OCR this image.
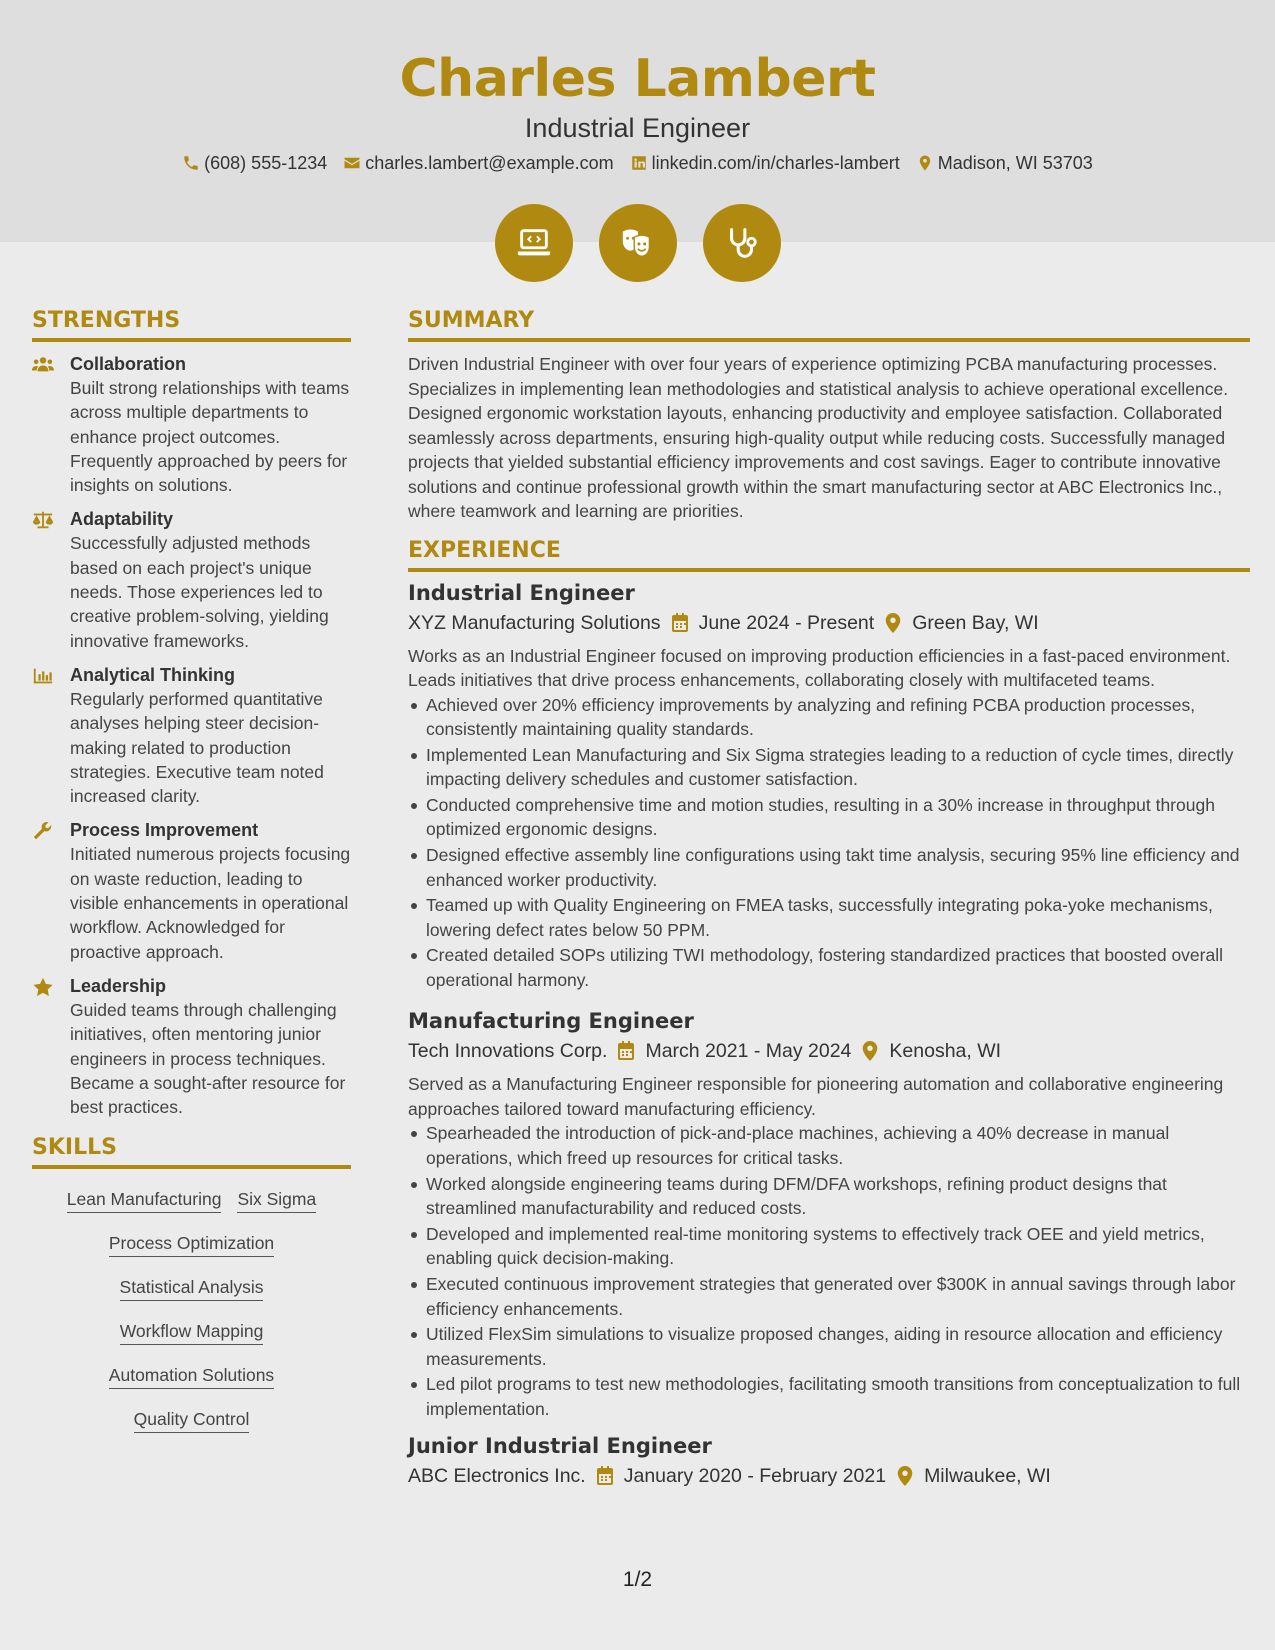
Charles Lambert
Industrial Engineer
(608) 555-1234 charles.lambert@example.com linkedin.com/in/charles-lambert Madison, WI 53703
STRENGTHS
Collaboration
Built strong relationships with teams across multiple departments to enhance project outcomes. Frequently approached by peers for insights on solutions.
Adaptability
Successfully adjusted methods based on each project's unique needs. Those experiences led to creative problem-solving, yielding innovative frameworks.
Analytical Thinking
Regularly performed quantitative analyses helping steer decision-making related to production strategies. Executive team noted increased clarity.
Process Improvement
Initiated numerous projects focusing on waste reduction, leading to visible enhancements in operational workflow. Acknowledged for proactive approach.
Leadership
Guided teams through challenging initiatives, often mentoring junior engineers in process techniques. Became a sought-after resource for best practices.
SKILLS
Lean Manufacturing Six Sigma
Process Optimization
Statistical Analysis
Workflow Mapping
Automation Solutions
Quality Control
SUMMARY
Driven Industrial Engineer with over four years of experience optimizing PCBA manufacturing processes. Specializes in implementing lean methodologies and statistical analysis to achieve operational excellence. Designed ergonomic workstation layouts, enhancing productivity and employee satisfaction. Collaborated seamlessly across departments, ensuring high-quality output while reducing costs. Successfully managed projects that yielded substantial efficiency improvements and cost savings. Eager to contribute innovative solutions and continue professional growth within the smart manufacturing sector at ABC Electronics Inc., where teamwork and learning are priorities.
EXPERIENCE
Industrial Engineer
XYZ Manufacturing Solutions June 2024 - Present Green Bay, WI
Works as an Industrial Engineer focused on improving production efficiencies in a fast-paced environment. Leads initiatives that drive process enhancements, collaborating closely with multifaceted teams.
Achieved over 20% efficiency improvements by analyzing and refining PCBA production processes, consistently maintaining quality standards.
Implemented Lean Manufacturing and Six Sigma strategies leading to a reduction of cycle times, directly impacting delivery schedules and customer satisfaction.
Conducted comprehensive time and motion studies, resulting in a 30% increase in throughput through optimized ergonomic designs.
Designed effective assembly line configurations using takt time analysis, securing 95% line efficiency and enhanced worker productivity.
Teamed up with Quality Engineering on FMEA tasks, successfully integrating poka-yoke mechanisms, lowering defect rates below 50 PPM.
Created detailed SOPs utilizing TWI methodology, fostering standardized practices that boosted overall operational harmony.
Manufacturing Engineer
Tech Innovations Corp. March 2021 - May 2024 Kenosha, WI
Served as a Manufacturing Engineer responsible for pioneering automation and collaborative engineering approaches tailored toward manufacturing efficiency.
Spearheaded the introduction of pick-and-place machines, achieving a 40% decrease in manual operations, which freed up resources for critical tasks.
Worked alongside engineering teams during DFM/DFA workshops, refining product designs that streamlined manufacturability and reduced costs.
Developed and implemented real-time monitoring systems to effectively track OEE and yield metrics, enabling quick decision-making.
Executed continuous improvement strategies that generated over $300K in annual savings through labor efficiency enhancements.
Utilized FlexSim simulations to visualize proposed changes, aiding in resource allocation and efficiency measurements.
Led pilot programs to test new methodologies, facilitating smooth transitions from conceptualization to full implementation.
Junior Industrial Engineer
ABC Electronics Inc. January 2020 - February 2021 Milwaukee, WI
1/2
